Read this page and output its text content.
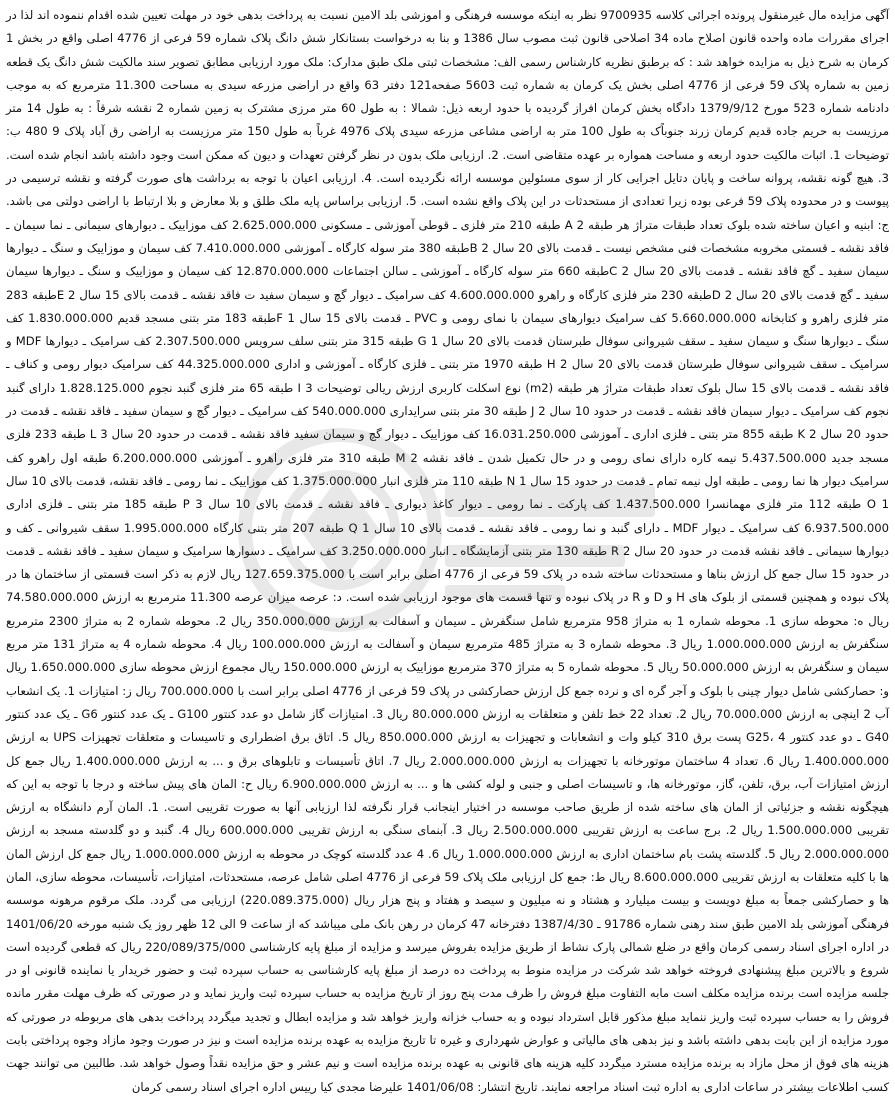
آگهی مزایده مال غیرمنقول پرونده اجرائی کلاسه 9700935 نظر به اینکه موسسه فرهنگی و اموزشی بلد الامین نسبت به پرداخت بدهی خود در مهلت تعیین شده اقدام ننموده اند لذا در اجرای مقررات ماده واحده قانون اصلاح ماده 34 اصلاحی قانون ثبت مصوب سال 1386 و بنا به درخواست بستانکار شش دانگ پلاک شماره 59 فرعی از 4776 اصلی واقع در بخش 1 کرمان به شرح ذیل به مزایده خواهد شد : که برطبق نظریه کارشناس رسمی الف: مشخصات ثبتی ملک طبق مدارک: ملک مورد ارزیابی مطابق تصویر سند مالکیت شش دانگ یک قطعه زمین به شماره پلاک 59 فرعی از 4776 اصلی بخش یک کرمان به شماره ثبت 5603 صفحه121 دفتر 63 واقع در اراضی مزرعه سیدی به مساحت 11.300 مترمربع که به موجب دادنامه شماره 523 مورخ 1379/9/12 دادگاه بخش کرمان افراز گردیده با حدود اربعه ذیل: شمالا : به طول 60 متر مرزی مشترک به زمین شماره 2 نقشه شرقاً : به طول 14 متر مرزیست به حریم جاده قدیم کرمان زرند جنوباًک به طول 100 متر به اراضی مشاعی مزرعه سیدی پلاک 4976 غرباً به طول 150 متر مرزیست به اراضی رق آباد پلاک 9 480 ب: توضیحات 1. اثبات مالکیت حدود اربعه و مساحت همواره بر عهده متقاضی است. 2. ارزیابی ملک بدون در نظر گرفتن تعهدات و دیون که ممکن است وجود داشته باشد انجام شده است. 3. هیچ گونه نقشه، پروانه ساخت و پایان دتایل اجرایی کار از سوی مسئولین موسسه ارائه نگردیده است. 4. ارزیابی اعیان با توجه به برداشت های صورت گرفته و نقشه ترسیمی در پیوست و در محدوده پلاک 59 فرعی بوده زیرا تعدادی از مستحدثات در این پلاک واقع نشده است. 5. ارزیابی براساس پایه ملک طلق و بلا معارض و بلا ارتباط با اراضی دولتی می باشد. ج: ابنیه و اعیان ساخته شده بلوک تعداد طبقات متراژ هر طبقه A 2 طبقه 210 متر فلزی ـ قوطی آموزشی ـ مسکونی 2.625.000.000 کف موزاییک ـ دیوارهای سیمانی ـ نما سیمان ـ فاقد نقشه ـ قسمتی مخروبه مشخصات فنی مشخص نیست ـ قدمت بالای 20 سال B 2طبقه 380 متر سوله کارگاه ـ آموزشی 7.410.000.000 کف سیمان و موزاییک و سنگ ـ دیوارها سیمان سفید ـ گچ فاقد نقشه ـ قدمت بالای 20 سال C 2طبقه 660 متر سوله کارگاه ـ آموزشی ـ سالن اجتماعات 12.870.000.000 کف سیمان و موزاییک و سنگ ـ دیوارها سیمان سفید ـ گچ قدمت بالای 20 سال D 2طبقه 230 متر فلزی کارگاه و راهرو 4.600.000.000 کف سرامیک ـ دیوار گچ و سیمان سفید ت فاقد نقشه ـ قدمت بالای 15 سال E 2طبقه 283 متر فلزی راهرو و کتابخانه 5.660.000.000 کف سرامیک دیوارهای سیمان با نمای رومی و PVC ـ قدمت بالای 15 سال F 1طبقه 183 متر بتنی مسجد قدیم 1.830.000.000 کف سنگ ـ دیوارها سنگ و سیمان سفید ـ سقف شیروانی سوفال طبرستان قدمت بالای 20 سال G 1 طبقه 315 متر بتنی سلف سرویس 2.307.500.000 کف سرامیک ـ دیوارها MDF و سرامیک ـ سقف شیروانی سوفال طبرستان قدمت بالای 20 سال H 2 طبقه 1970 متر بتنی ـ فلزی کارگاه ـ آموزشی و اداری 44.325.000.000 کف سرامیک دیوار رومی و کناف ـ فاقد نقشه ـ قدمت بالای 15 سال بلوک تعداد طبقات متراژ هر طبقه (m2) نوع اسکلت کاربری ارزش ریالی توضیحات I 3 طبقه 65 متر فلزی گنبد نجوم 1.828.125.000 دارای گنبد نجوم کف سرامیک ـ دیوار سیمان فاقد نقشه ـ قدمت در حدود 10 سال J 2 طبقه 30 متر بتنی سرایداری 540.000.000 کف سرامیک ـ دیوار گچ و سیمان سفید ـ فاقد نقشه ـ قدمت در حدود 20 سال K 2 طبقه 855 متر بتنی ـ فلزی اداری ـ آموزشی 16.031.250.000 کف موزاییک ـ دیوار گچ و سیمان سفید فاقد نقشه ـ قدمت در حدود 20 سال L 3 طبقه 233 فلزی مسجد جدید 5.437.500.000 نیمه کاره دارای نمای رومی و در حال تکمیل شدن ـ فاقد نقشه M 2 طبقه 310 متر فلزی راهرو ـ آموزشی 6.200.000.000 طبقه اول راهرو کف سرامیک دیوار ها نما رومی ـ طبقه اول نیمه تمام ـ قدمت در حدود 15 سال N 1 طبقه 110 متر فلزی انبار 1.375.000.000 کف موزاییک ـ نما رومی ـ فاقد نقشه، قدمت بالای 10 سال O 1 طبقه 112 متر فلزی مهمانسرا 1.437.500.000 کف پارکت ـ نما رومی ـ دیوار کاغذ دیواری ـ فاقد نقشه ـ قدمت بالای 10 سال P 3 طبقه 185 متر بتنی ـ فلزی اداری 6.937.500.000 کف سرامیک ـ دیوار MDF ـ دارای گنبد و نما رومی ـ فاقد نقشه ـ قدمت بالای 10 سال Q 1 طبقه 207 متر بتنی کارگاه 1.995.000.000 سقف شیروانی ـ کف و دیوارها سیمانی ـ فاقد نقشه قدمت در حدود 20 سال R 2 طبقه 130 متر بتنی آزمایشگاه ـ انبار 3.250.000.000 کف سرامیک ـ دسوارها سرامیک و سیمان سفید ـ فاقد نقشه ـ قدمت در حدود 15 سال جمع کل ارزش بناها و مستحدثات ساخته شده در پلاک 59 فرعی از 4776 اصلی برابر است با 127.659.375.000 ریال لازم به ذکر است قسمتی از ساختمان ها در پلاک نبوده و همچنین قسمتی از بلوک های H و D و R در پلاک نبوده و تنها قسمت های موجود ارزیابی شده است. د: عرصه میزان عرصه 11.300 مترمربع به ارزش 74.580.000.000 ریال ه: محوطه سازی 1. محوطه شماره 1 به متراژ 958 مترمربع شامل سنگفرش ـ سیمان و آسفالت به ارزش 350.000.000 ریال 2. محوطه شماره 2 به متراژ 2300 مترمربع سنگفرش به ارزش 1.000.000.000 ریال 3. محوطه شماره 3 به متراژ 485 مترمربع سیمان و آسفالت به ارزش 100.000.000 ریال 4. محوطه شماره 4 به متراژ 131 متر مربع سیمان و سنگفرش به ارزش 50.000.000 ریال 5. محوطه شماره 5 به متراژ 370 مترمربع موزاییک به ارزش 150.000.000 ریال مجموع ارزش محوطه سازی 1.650.000.000 ریال و: حصارکشی شامل دیوار چینی با بلوک و آجر گره ای و نرده جمع کل ارزش حصارکشی در پلاک 59 فرعی از 4776 اصلی برابر است با 700.000.000 ریال ز: امتیازات 1. یک انشعاب آب 2 اینچی به ارزش 70.000.000 ریال 2. تعداد 22 خط تلفن و متعلقات به ارزش 80.000.000 ریال 3. امتیازات گاز شامل دو عدد کنتور G100 ـ یک عدد کنتور G6 ـ یک عدد کنتور G40 ـ دو عدد کنتور G25، 4 پست برق 310 کیلو وات و انشعابات و تجهیزات به ارزش 850.000.000 ریال 5. اتاق برق اضطراری و تاسیسات و متعلقات تجهیزات UPS به ارزش 1.400.000.000 ریال 6. تعداد 4 ساختمان موتورخانه با تجهیزات به ارزش 2.000.000.000 ریال 7. اتاق تأسیسات و تابلوهای برق و ... به ارزش 1.400.000.000 ریال جمع کل ارزش امتیازات آب، برق، تلفن، گاز، موتورخانه ها، و تاسیسات اصلی و جنبی و لوله کشی ها و ... به ارزش 6.900.000.000 ریال ح: المان های پیش ساخته و درجا با توجه به این که هیچگونه نقشه و جزئیاتی از المان های ساخته شده از طریق صاحب موسسه در اختیار اینجانب قرار نگرفته لذا ارزیابی آنها به صورت تقریبی است. 1. المان آرم دانشگاه به ارزش تقریبی 1.500.000.000 ریال 2. برج ساعت به ارزش تقریبی 2.500.000.000 ریال 3. آبنمای سنگی به ارزش تقریبی 600.000.000 ریال 4. گنبد و دو گلدسته مسجد به ارزش 2.000.000.000 ریال 5. گلدسته پشت بام ساختمان اداری به ارزش 1.000.000.000 ریال 6. 4 عدد گلدسته کوچک در محوطه به ارزش 1.000.000.000 ریال جمع کل ارزش المان ها با کلیه متعلقات به ارزش تقریبی 8.600.000.000 ریال ط: جمع کل ارزیابی ملک پلاک 59 فرعی از 4776 اصلی شامل عرصه، مستحدثات، امتیازات، تأسیسات، محوطه سازی، المان ها و حصارکشی جمعاً به مبلغ دویست و بیست میلیارد و هشتاد و نه میلیون و سیصد و هفتاد و پنج هزار ریال (220.089.375.000) ارزیابی می گردد. ملک مرقوم مرهونه موسسه فرهنگی آموزشی بلد الامین طبق سند رهنی شماره 91786 ـ 1387/4/30 دفترخانه 47 کرمان در رهن بانک ملی میباشد که از ساعت 9 الی 12 ظهر روز یک شنبه مورخه 1401/06/20 در اداره اجرای اسناد رسمی کرمان واقع در ضلع شمالی پارک نشاط از طریق مزایده بفروش میرسد و مزایده از مبلغ پایه کارشناسی 220/089/375/000 ریال که قطعی گردیده است شروع و بالاترین مبلغ پیشنهادی فروخته خواهد شد شرکت در مزایده منوط به پرداخت ده درصد از مبلغ پایه کارشناسی به حساب سپرده ثبت و حضور خریدار یا نماینده قانونی او در جلسه مزایده است برنده مزایده مکلف است مابه التفاوت مبلغ فروش را ظرف مدت پنج روز از تاریخ مزایده به حساب سپرده ثبت واریز نماید و در صورتی که ظرف مهلت مقرر مانده فروش را به حساب سپرده ثبت واریز ننماید مبلغ مذکور قابل استرداد نبوده و به حساب خزانه واریز خواهد شد و مزایده ابطال و تجدید میگردد پرداخت بدهی های مربوطه در صورتی که مورد مزایده از این بابت بدهی داشته باشد و نیز بدهی های مالیاتی و عوارض شهرداری و غیره تا تاریخ مزایده به عهده برنده مزایده است و نیز در صورت وجود مازاد وجوه پرداختی بابت هزینه های فوق از محل مازاد به برنده مزایده مسترد میگردد کلیه هزینه های قانونی به عهده برنده مزایده است و نیم عشر و حق مزایده نقداً وصول خواهد شد. طالبین می توانند جهت کسب اطلاعات بیشتر در ساعات اداری به اداره ثبت اسناد مراجعه نمایند. تاریخ انتشار: 1401/06/08 علیرضا مجدی کیا رییس اداره اجرای اسناد رسمی کرمان
